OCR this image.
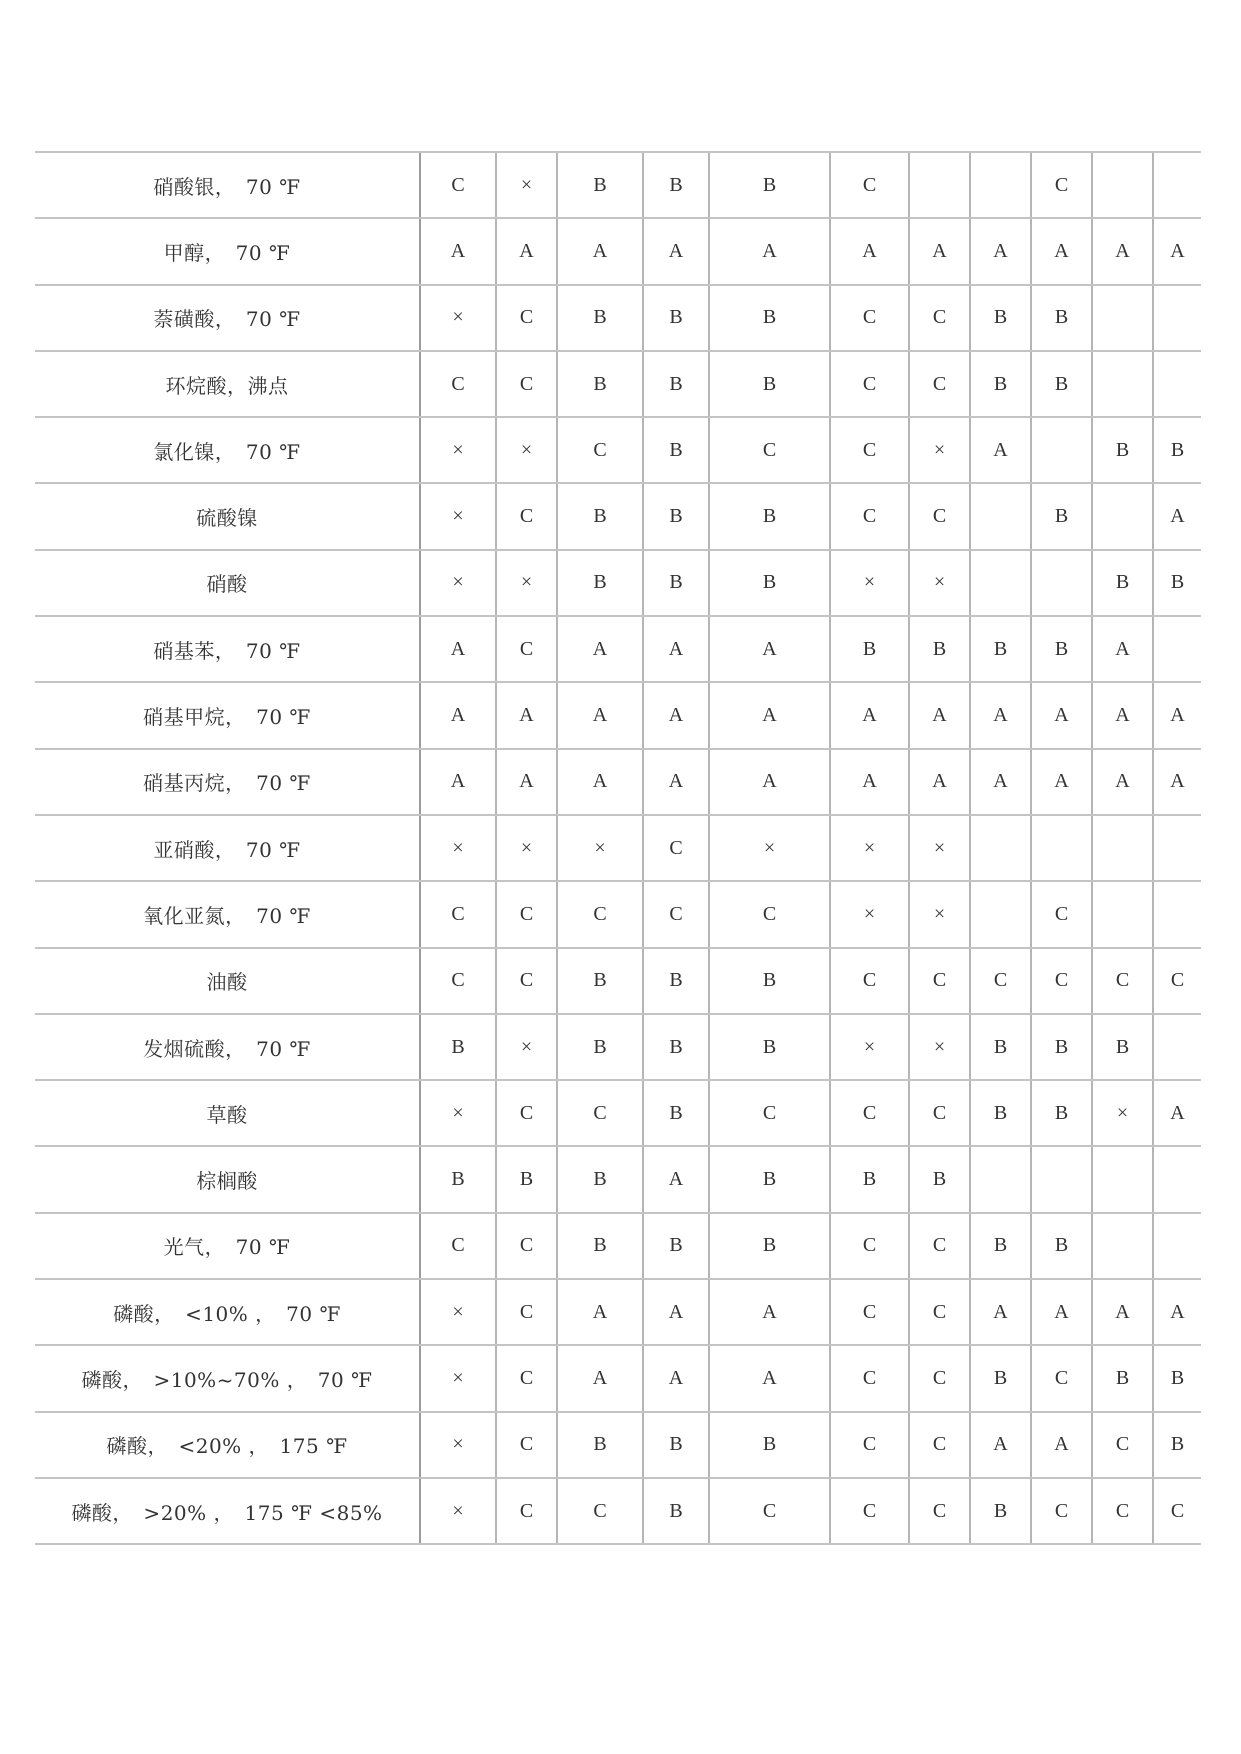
硝酸银，　70 ℉	C	×	B	B	B	C			C		
甲醇，　70 ℉	A	A	A	A	A	A	A	A	A	A	A
萘磺酸，　70 ℉	×	C	B	B	B	C	C	B	B		
环烷酸，沸点	C	C	B	B	B	C	C	B	B		
氯化镍，　70 ℉	×	×	C	B	C	C	×	A		B	B
硫酸镍	×	C	B	B	B	C	C		B		A
硝酸	×	×	B	B	B	×	×			B	B
硝基苯，　70 ℉	A	C	A	A	A	B	B	B	B	A	
硝基甲烷，　70 ℉	A	A	A	A	A	A	A	A	A	A	A
硝基丙烷，　70 ℉	A	A	A	A	A	A	A	A	A	A	A
亚硝酸，　70 ℉	×	×	×	C	×	×	×				
氧化亚氮，　70 ℉	C	C	C	C	C	×	×		C		
油酸	C	C	B	B	B	C	C	C	C	C	C
发烟硫酸，　70 ℉	B	×	B	B	B	×	×	B	B	B	
草酸	×	C	C	B	C	C	C	B	B	×	A
棕榈酸	B	B	B	A	B	B	B				
光气，　70 ℉	C	C	B	B	B	C	C	B	B		
磷酸，　<10% ，　70 ℉	×	C	A	A	A	C	C	A	A	A	A
磷酸，　>10%~70% ，　70 ℉	×	C	A	A	A	C	C	B	C	B	B
磷酸，　<20% ，　175 ℉	×	C	B	B	B	C	C	A	A	C	B
磷酸，　>20% ，　175 ℉ <85%	×	C	C	B	C	C	C	B	C	C	C
